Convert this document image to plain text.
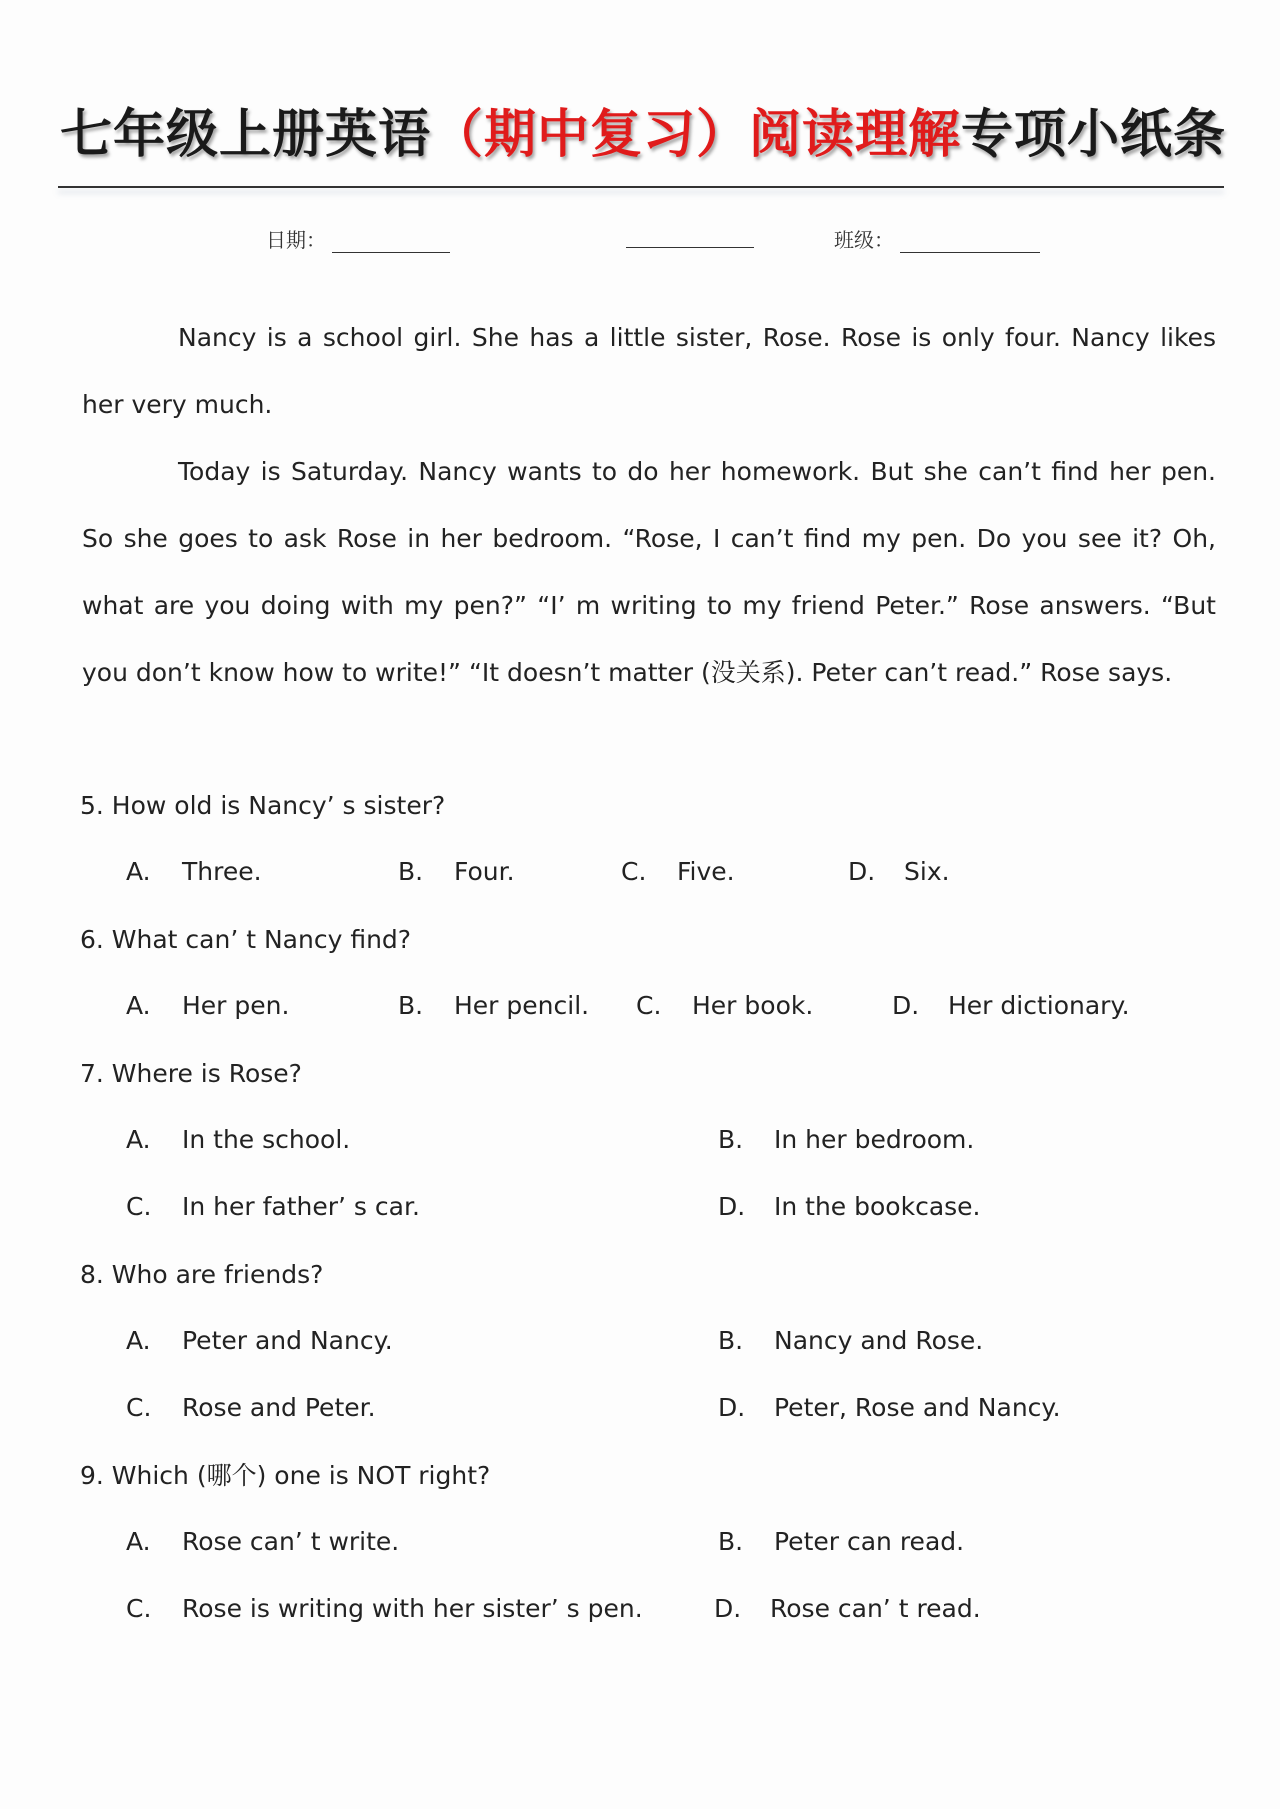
七年级上册英语（期中复习）阅读理解专项小纸条
日期：	班级：

Nancy is a school girl. She has a little sister, Rose. Rose is only four. Nancy likes her very much.

Today is Saturday. Nancy wants to do her homework. But she can’t find her pen. So she goes to ask Rose in her bedroom. “Rose, I can’t find my pen. Do you see it? Oh, what are you doing with my pen?” “I’ m writing to my friend Peter.” Rose answers. “But you don’t know how to write!” “It doesn’t matter (没关系). Peter can’t read.” Rose says.

5. How old is Nancy’ s sister?
A. Three.	B. Four.	C. Five.	D. Six.
6. What can’ t Nancy find?
A. Her pen.	B. Her pencil. C. Her book.	D. Her dictionary.
7. Where is Rose?
A. In the school.	B. In her bedroom.
C. In her father’ s car.	D. In the bookcase.
8. Who are friends?
A. Peter and Nancy.	B. Nancy and Rose.
C. Rose and Peter.	D. Peter, Rose and Nancy.
9. Which (哪个) one is NOT right?
A. Rose can’ t write.	B. Peter can read.
C. Rose is writing with her sister’ s pen.	D. Rose can’ t read.
